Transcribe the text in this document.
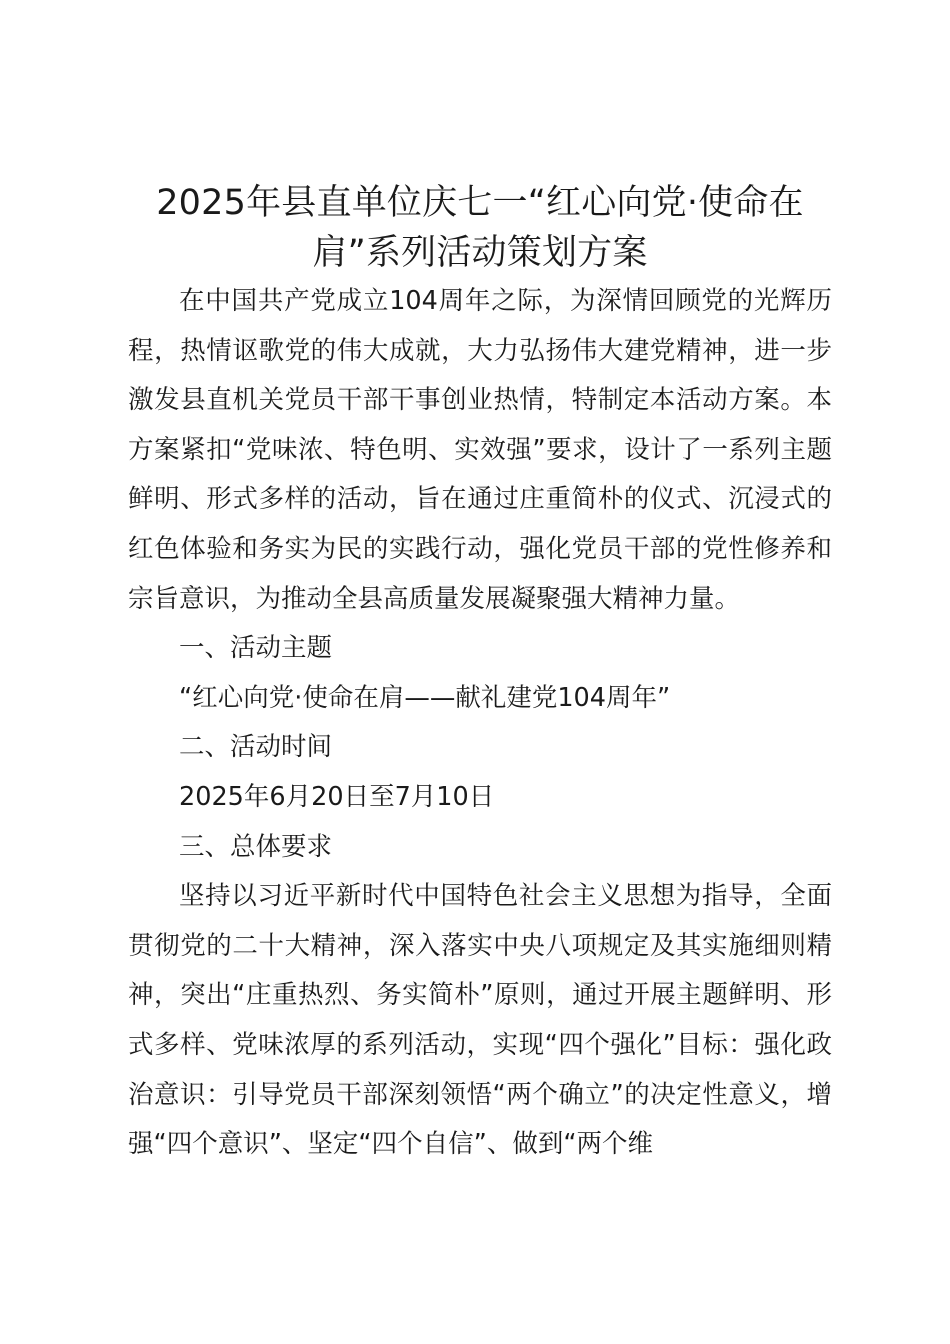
2025年县直单位庆七一“红心向党·使命在肩”系列活动策划方案

在中国共产党成立104周年之际，为深情回顾党的光辉历程，热情讴歌党的伟大成就，大力弘扬伟大建党精神，进一步激发县直机关党员干部干事创业热情，特制定本活动方案。本方案紧扣“党味浓、特色明、实效强”要求，设计了一系列主题鲜明、形式多样的活动，旨在通过庄重简朴的仪式、沉浸式的红色体验和务实为民的实践行动，强化党员干部的党性修养和宗旨意识，为推动全县高质量发展凝聚强大精神力量。

一、活动主题

“红心向党·使命在肩——献礼建党104周年”

二、活动时间

2025年6月20日至7月10日

三、总体要求

坚持以习近平新时代中国特色社会主义思想为指导，全面贯彻党的二十大精神，深入落实中央八项规定及其实施细则精神，突出“庄重热烈、务实简朴”原则，通过开展主题鲜明、形式多样、党味浓厚的系列活动，实现“四个强化”目标：强化政治意识：引导党员干部深刻领悟“两个确立”的决定性意义，增强“四个意识”、坚定“四个自信”、做到“两个维
